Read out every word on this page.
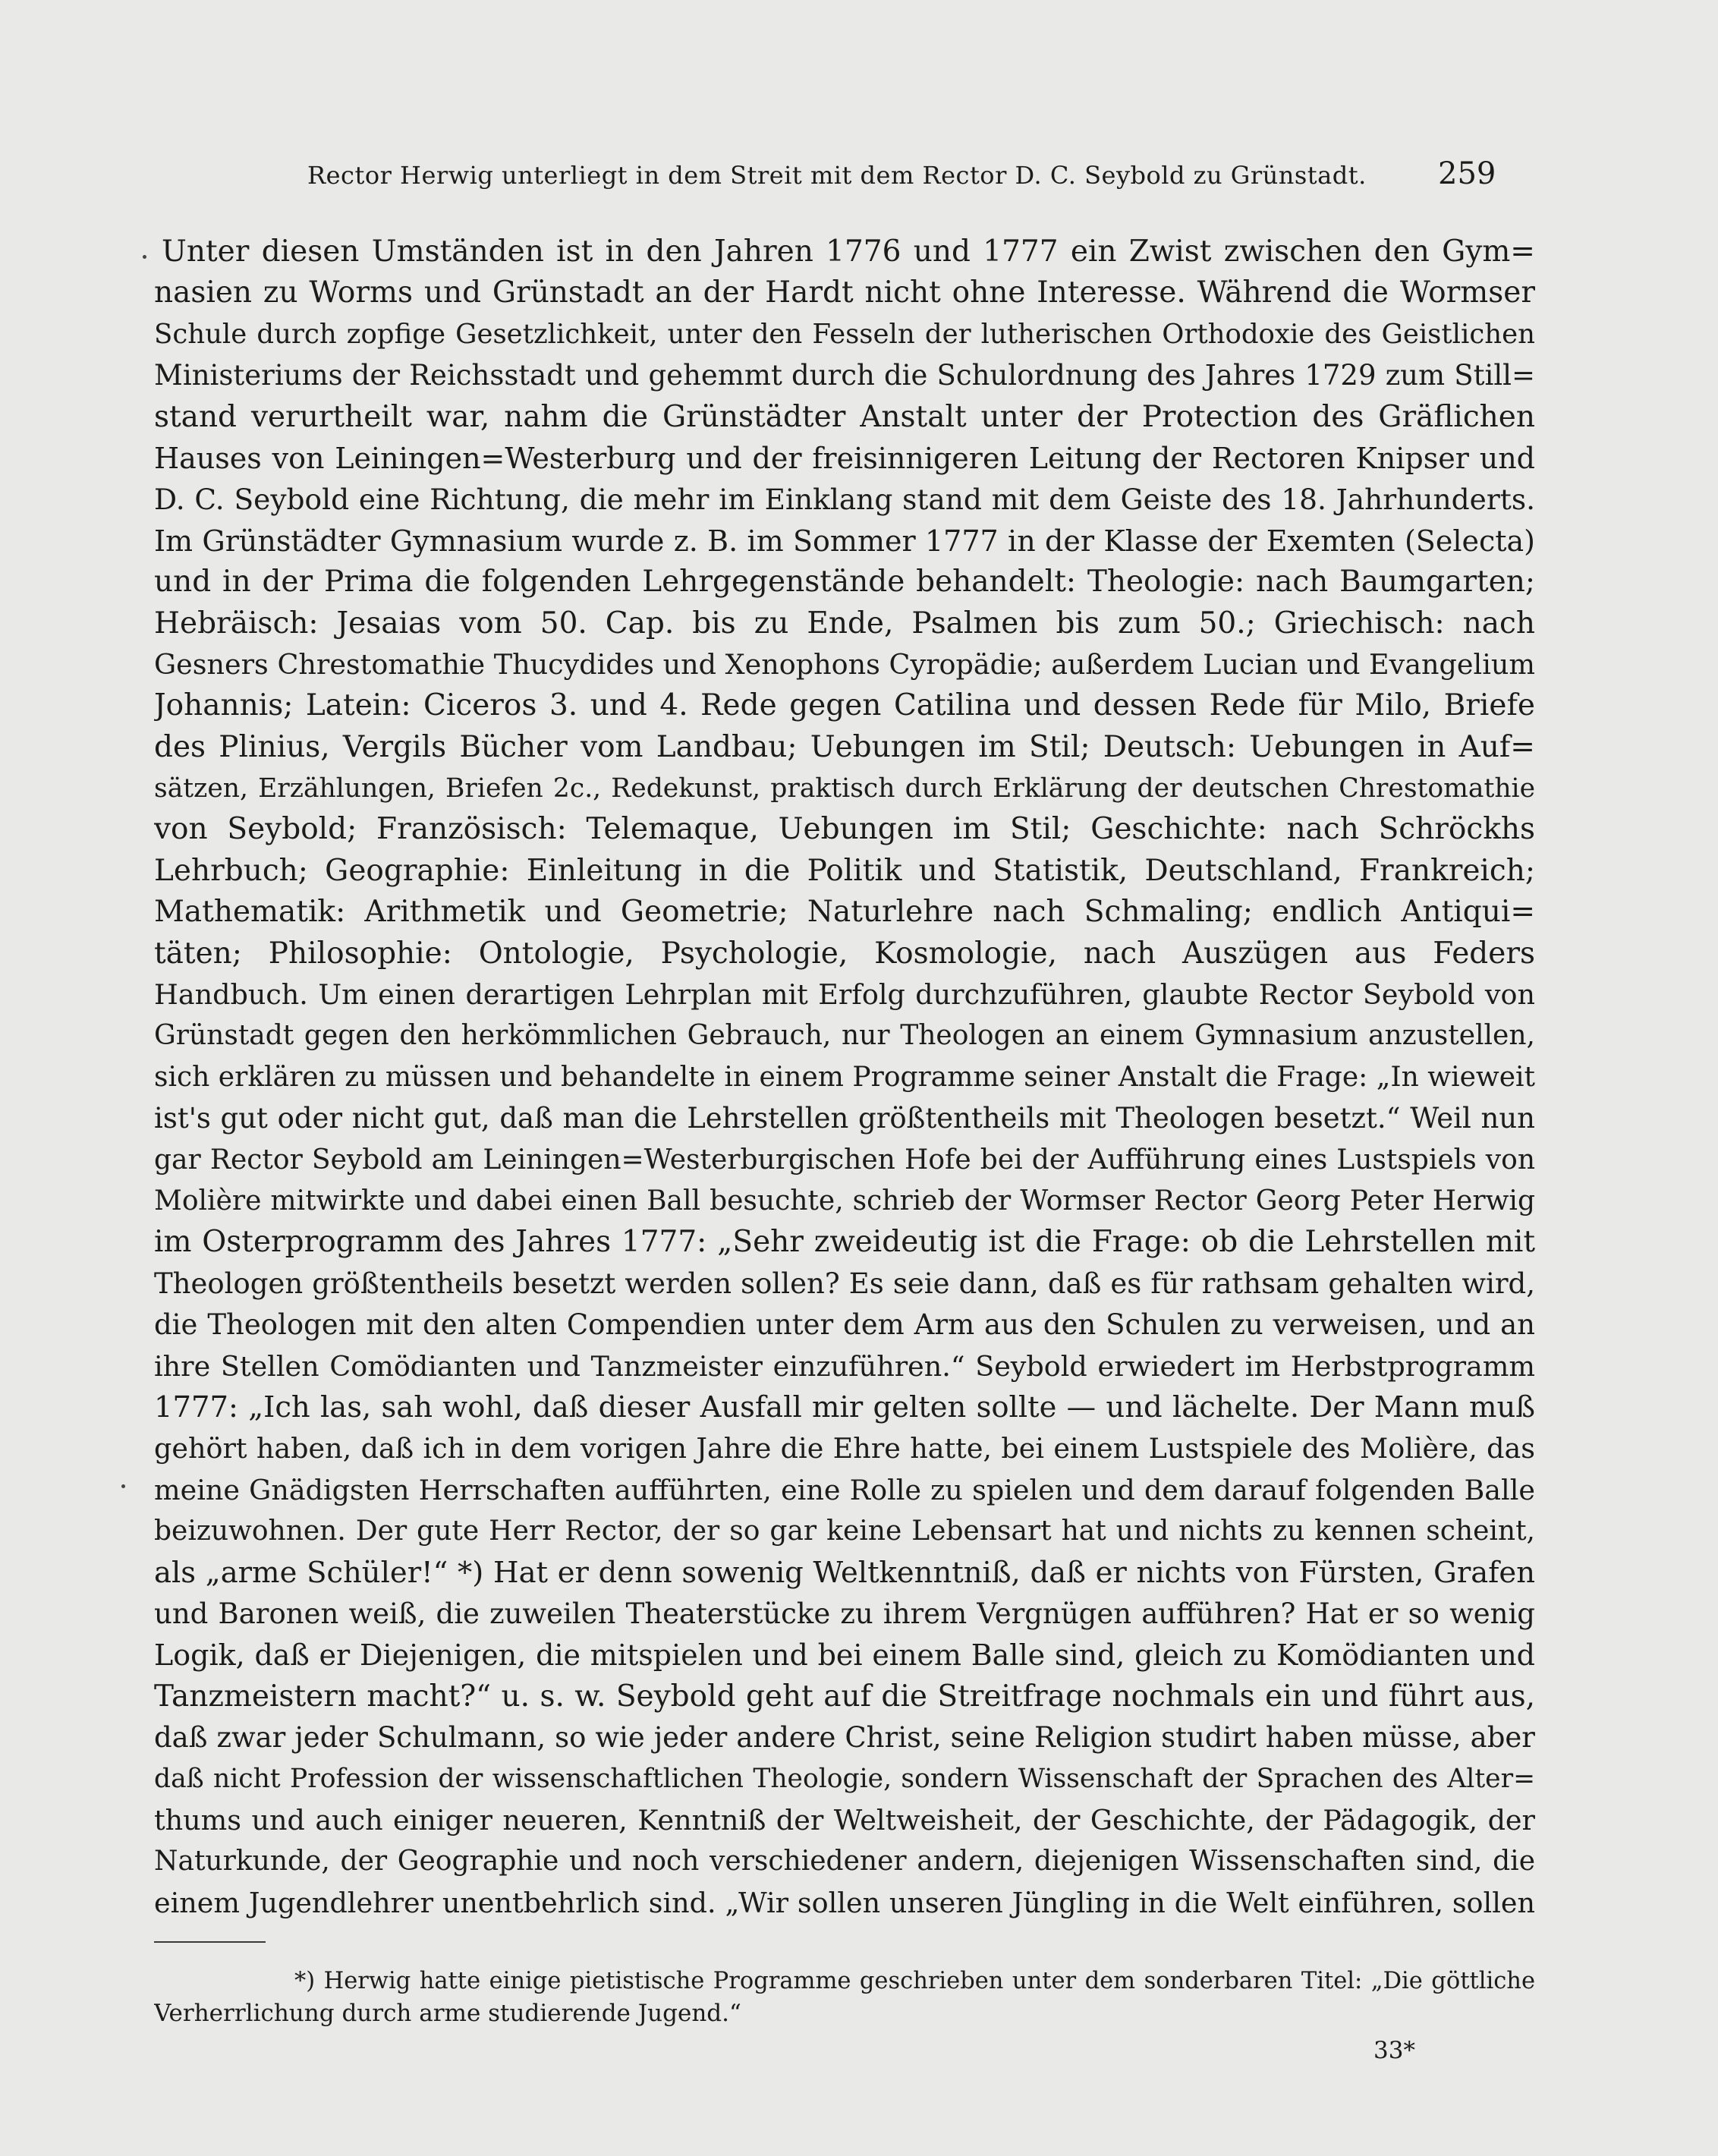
Rector Herwig unterliegt in dem Streit mit dem Rector D. C. Seybold zu Grünstadt.	259
Unter diesen Umständen ist in den Jahren 1776 und 1777 ein Zwist zwischen den Gym=
nasien zu Worms und Grünstadt an der Hardt nicht ohne Interesse. Während die Wormser
Schule durch zopfige Gesetzlichkeit, unter den Fesseln der lutherischen Orthodoxie des Geistlichen
Ministeriums der Reichsstadt und gehemmt durch die Schulordnung des Jahres 1729 zum Still=
stand verurtheilt war, nahm die Grünstädter Anstalt unter der Protection des Gräflichen
Hauses von Leiningen=Westerburg und der freisinnigeren Leitung der Rectoren Knipser und
D. C. Seybold eine Richtung, die mehr im Einklang stand mit dem Geiste des 18. Jahrhunderts.
Im Grünstädter Gymnasium wurde z. B. im Sommer 1777 in der Klasse der Exemten (Selecta)
und in der Prima die folgenden Lehrgegenstände behandelt: Theologie: nach Baumgarten;
Hebräisch: Jesaias vom 50. Cap. bis zu Ende, Psalmen bis zum 50.; Griechisch: nach
Gesners Chrestomathie Thucydides und Xenophons Cyropädie; außerdem Lucian und Evangelium
Johannis; Latein: Ciceros 3. und 4. Rede gegen Catilina und dessen Rede für Milo, Briefe
des Plinius, Vergils Bücher vom Landbau; Uebungen im Stil; Deutsch: Uebungen in Auf=
sätzen, Erzählungen, Briefen 2c., Redekunst, praktisch durch Erklärung der deutschen Chrestomathie
von Seybold; Französisch: Telemaque, Uebungen im Stil; Geschichte: nach Schröckhs
Lehrbuch; Geographie: Einleitung in die Politik und Statistik, Deutschland, Frankreich;
Mathematik: Arithmetik und Geometrie; Naturlehre nach Schmaling; endlich Antiqui=
täten; Philosophie: Ontologie, Psychologie, Kosmologie, nach Auszügen aus Feders
Handbuch. Um einen derartigen Lehrplan mit Erfolg durchzuführen, glaubte Rector Seybold von
Grünstadt gegen den herkömmlichen Gebrauch, nur Theologen an einem Gymnasium anzustellen,
sich erklären zu müssen und behandelte in einem Programme seiner Anstalt die Frage: „In wieweit
ist's gut oder nicht gut, daß man die Lehrstellen größtentheils mit Theologen besetzt.“ Weil nun
gar Rector Seybold am Leiningen=Westerburgischen Hofe bei der Aufführung eines Lustspiels von
Molière mitwirkte und dabei einen Ball besuchte, schrieb der Wormser Rector Georg Peter Herwig
im Osterprogramm des Jahres 1777: „Sehr zweideutig ist die Frage: ob die Lehrstellen mit
Theologen größtentheils besetzt werden sollen? Es seie dann, daß es für rathsam gehalten wird,
die Theologen mit den alten Compendien unter dem Arm aus den Schulen zu verweisen, und an
ihre Stellen Comödianten und Tanzmeister einzuführen.“ Seybold erwiedert im Herbstprogramm
1777: „Ich las, sah wohl, daß dieser Ausfall mir gelten sollte — und lächelte. Der Mann muß
gehört haben, daß ich in dem vorigen Jahre die Ehre hatte, bei einem Lustspiele des Molière, das
meine Gnädigsten Herrschaften aufführten, eine Rolle zu spielen und dem darauf folgenden Balle
beizuwohnen. Der gute Herr Rector, der so gar keine Lebensart hat und nichts zu kennen scheint,
als „arme Schüler!“ *) Hat er denn sowenig Weltkenntniß, daß er nichts von Fürsten, Grafen
und Baronen weiß, die zuweilen Theaterstücke zu ihrem Vergnügen aufführen? Hat er so wenig
Logik, daß er Diejenigen, die mitspielen und bei einem Balle sind, gleich zu Komödianten und
Tanzmeistern macht?“ u. s. w. Seybold geht auf die Streitfrage nochmals ein und führt aus,
daß zwar jeder Schulmann, so wie jeder andere Christ, seine Religion studirt haben müsse, aber
daß nicht Profession der wissenschaftlichen Theologie, sondern Wissenschaft der Sprachen des Alter=
thums und auch einiger neueren, Kenntniß der Weltweisheit, der Geschichte, der Pädagogik, der
Naturkunde, der Geographie und noch verschiedener andern, diejenigen Wissenschaften sind, die
einem Jugendlehrer unentbehrlich sind. „Wir sollen unseren Jüngling in die Welt einführen, sollen
*) Herwig hatte einige pietistische Programme geschrieben unter dem sonderbaren Titel: „Die göttliche
Verherrlichung durch arme studierende Jugend.“
33*
